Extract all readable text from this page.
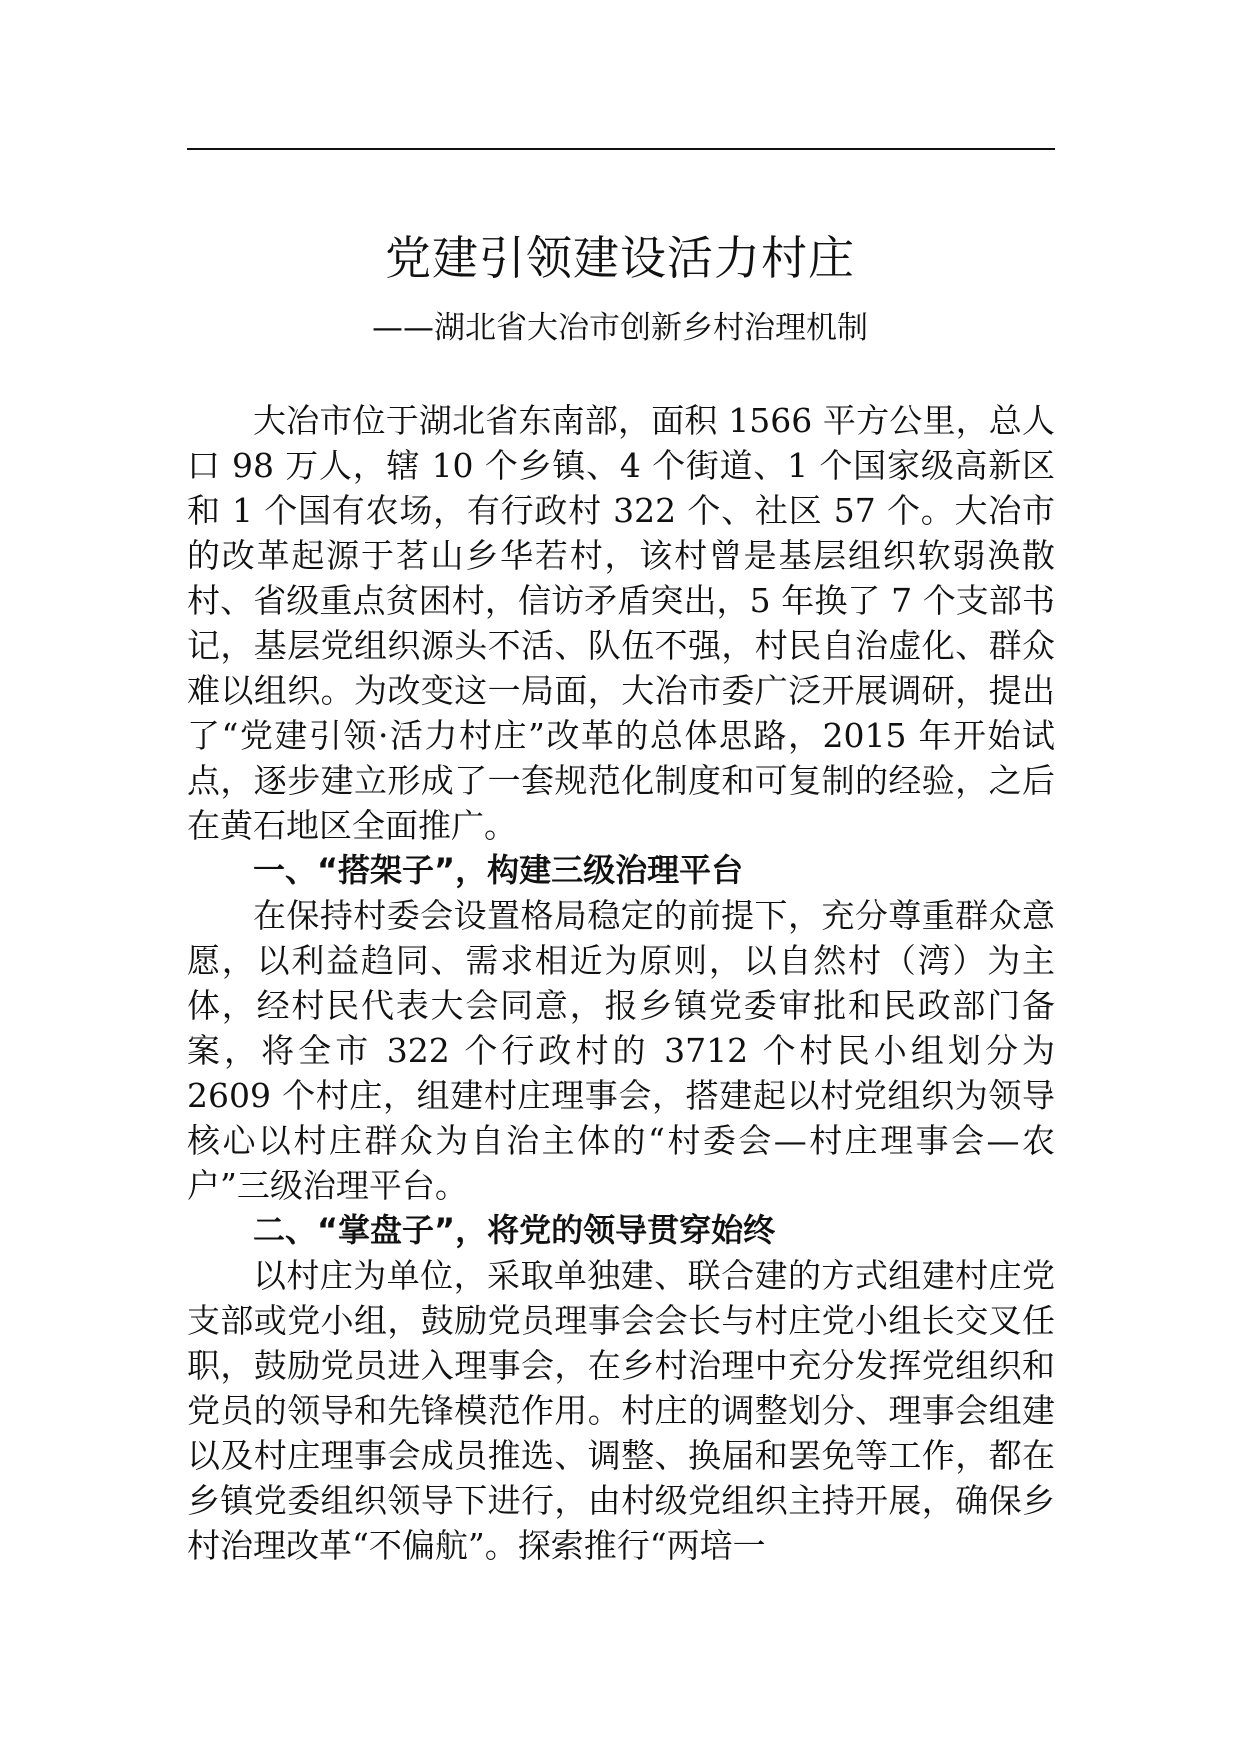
党建引领建设活力村庄
——湖北省大冶市创新乡村治理机制

大冶市位于湖北省东南部，面积 1566 平方公里，总人口 98 万人，辖 10 个乡镇、4 个街道、1 个国家级高新区和 1 个国有农场，有行政村 322 个、社区 57 个。大冶市的改革起源于茗山乡华若村，该村曾是基层组织软弱涣散村、省级重点贫困村，信访矛盾突出，5 年换了 7 个支部书记，基层党组织源头不活、队伍不强，村民自治虚化、群众难以组织。为改变这一局面，大冶市委广泛开展调研，提出了“党建引领·活力村庄”改革的总体思路，2015 年开始试点，逐步建立形成了一套规范化制度和可复制的经验，之后在黄石地区全面推广。

一、“搭架子”，构建三级治理平台

在保持村委会设置格局稳定的前提下，充分尊重群众意愿，以利益趋同、需求相近为原则，以自然村（湾）为主体，经村民代表大会同意，报乡镇党委审批和民政部门备案，将全市 322 个行政村的 3712 个村民小组划分为 2609 个村庄，组建村庄理事会，搭建起以村党组织为领导核心以村庄群众为自治主体的“村委会—村庄理事会—农户”三级治理平台。

二、“掌盘子”，将党的领导贯穿始终

以村庄为单位，采取单独建、联合建的方式组建村庄党支部或党小组，鼓励党员理事会会长与村庄党小组长交叉任职，鼓励党员进入理事会，在乡村治理中充分发挥党组织和党员的领导和先锋模范作用。村庄的调整划分、理事会组建以及村庄理事会成员推选、调整、换届和罢免等工作，都在乡镇党委组织领导下进行，由村级党组织主持开展，确保乡村治理改革“不偏航”。探索推行“两培一
